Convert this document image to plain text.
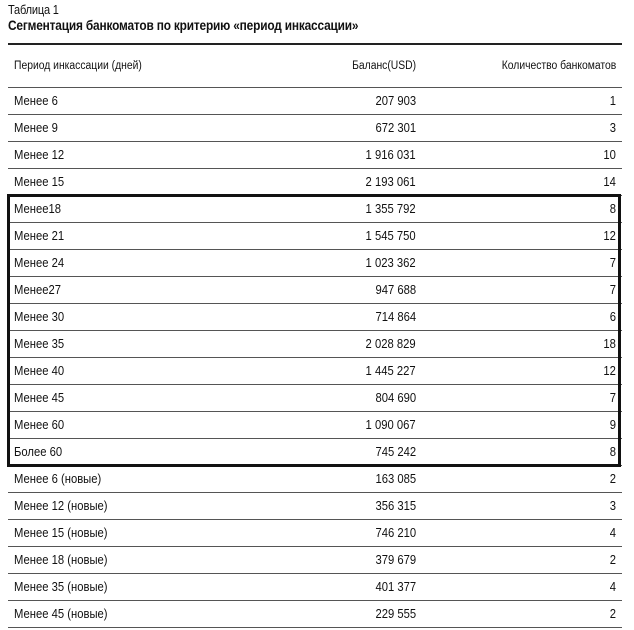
Таблица 1
Сегментация банкоматов по критерию «период инкассации»
Период инкассации (дней)	Баланс(USD)	Количество банкоматов
Менее 6	207 903	1
Менее 9	672 301	3
Менее 12	1 916 031	10
Менее 15	2 193 061	14
Менее18	1 355 792	8
Менее 21	1 545 750	12
Менее 24	1 023 362	7
Менее27	947 688	7
Менее 30	714 864	6
Менее 35	2 028 829	18
Менее 40	1 445 227	12
Менее 45	804 690	7
Менее 60	1 090 067	9
Более 60	745 242	8
Менее 6 (новые)	163 085	2
Менее 12 (новые)	356 315	3
Менее 15 (новые)	746 210	4
Менее 18 (новые)	379 679	2
Менее 35 (новые)	401 377	4
Менее 45 (новые)	229 555	2
